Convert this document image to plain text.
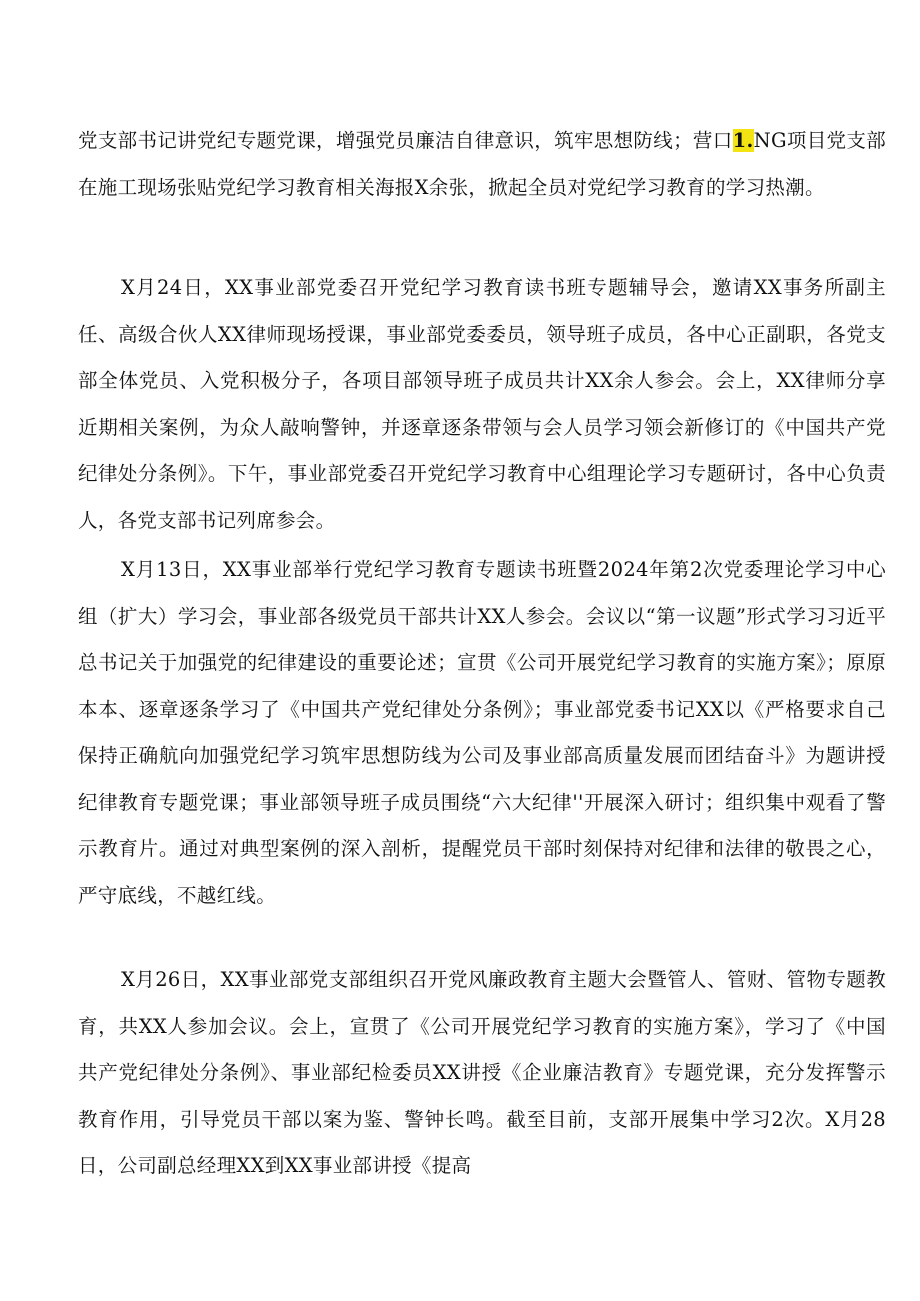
党支部书记讲党纪专题党课，增强党员廉洁自律意识，筑牢思想防线；营口1.NG项目党支部在施工现场张贴党纪学习教育相关海报X余张，掀起全员对党纪学习教育的学习热潮。

X月24日，XX事业部党委召开党纪学习教育读书班专题辅导会，邀请XX事务所副主任、高级合伙人XX律师现场授课，事业部党委委员，领导班子成员，各中心正副职，各党支部全体党员、入党积极分子，各项目部领导班子成员共计XX余人参会。会上，XX律师分享近期相关案例，为众人敲响警钟，并逐章逐条带领与会人员学习领会新修订的《中国共产党纪律处分条例》。下午，事业部党委召开党纪学习教育中心组理论学习专题研讨，各中心负责人，各党支部书记列席参会。

X月13日，XX事业部举行党纪学习教育专题读书班暨2024年第2次党委理论学习中心组（扩大）学习会，事业部各级党员干部共计XX人参会。会议以“第一议题”形式学习习近平总书记关于加强党的纪律建设的重要论述；宣贯《公司开展党纪学习教育的实施方案》；原原本本、逐章逐条学习了《中国共产党纪律处分条例》；事业部党委书记XX以《严格要求自己保持正确航向加强党纪学习筑牢思想防线为公司及事业部高质量发展而团结奋斗》为题讲授纪律教育专题党课；事业部领导班子成员围绕“六大纪律''开展深入研讨；组织集中观看了警示教育片。通过对典型案例的深入剖析，提醒党员干部时刻保持对纪律和法律的敬畏之心，严守底线，不越红线。

X月26日，XX事业部党支部组织召开党风廉政教育主题大会暨管人、管财、管物专题教育，共XX人参加会议。会上，宣贯了《公司开展党纪学习教育的实施方案》，学习了《中国共产党纪律处分条例》、事业部纪检委员XX讲授《企业廉洁教育》专题党课，充分发挥警示教育作用，引导党员干部以案为鉴、警钟长鸣。截至目前，支部开展集中学习2次。X月28日，公司副总经理XX到XX事业部讲授《提高
